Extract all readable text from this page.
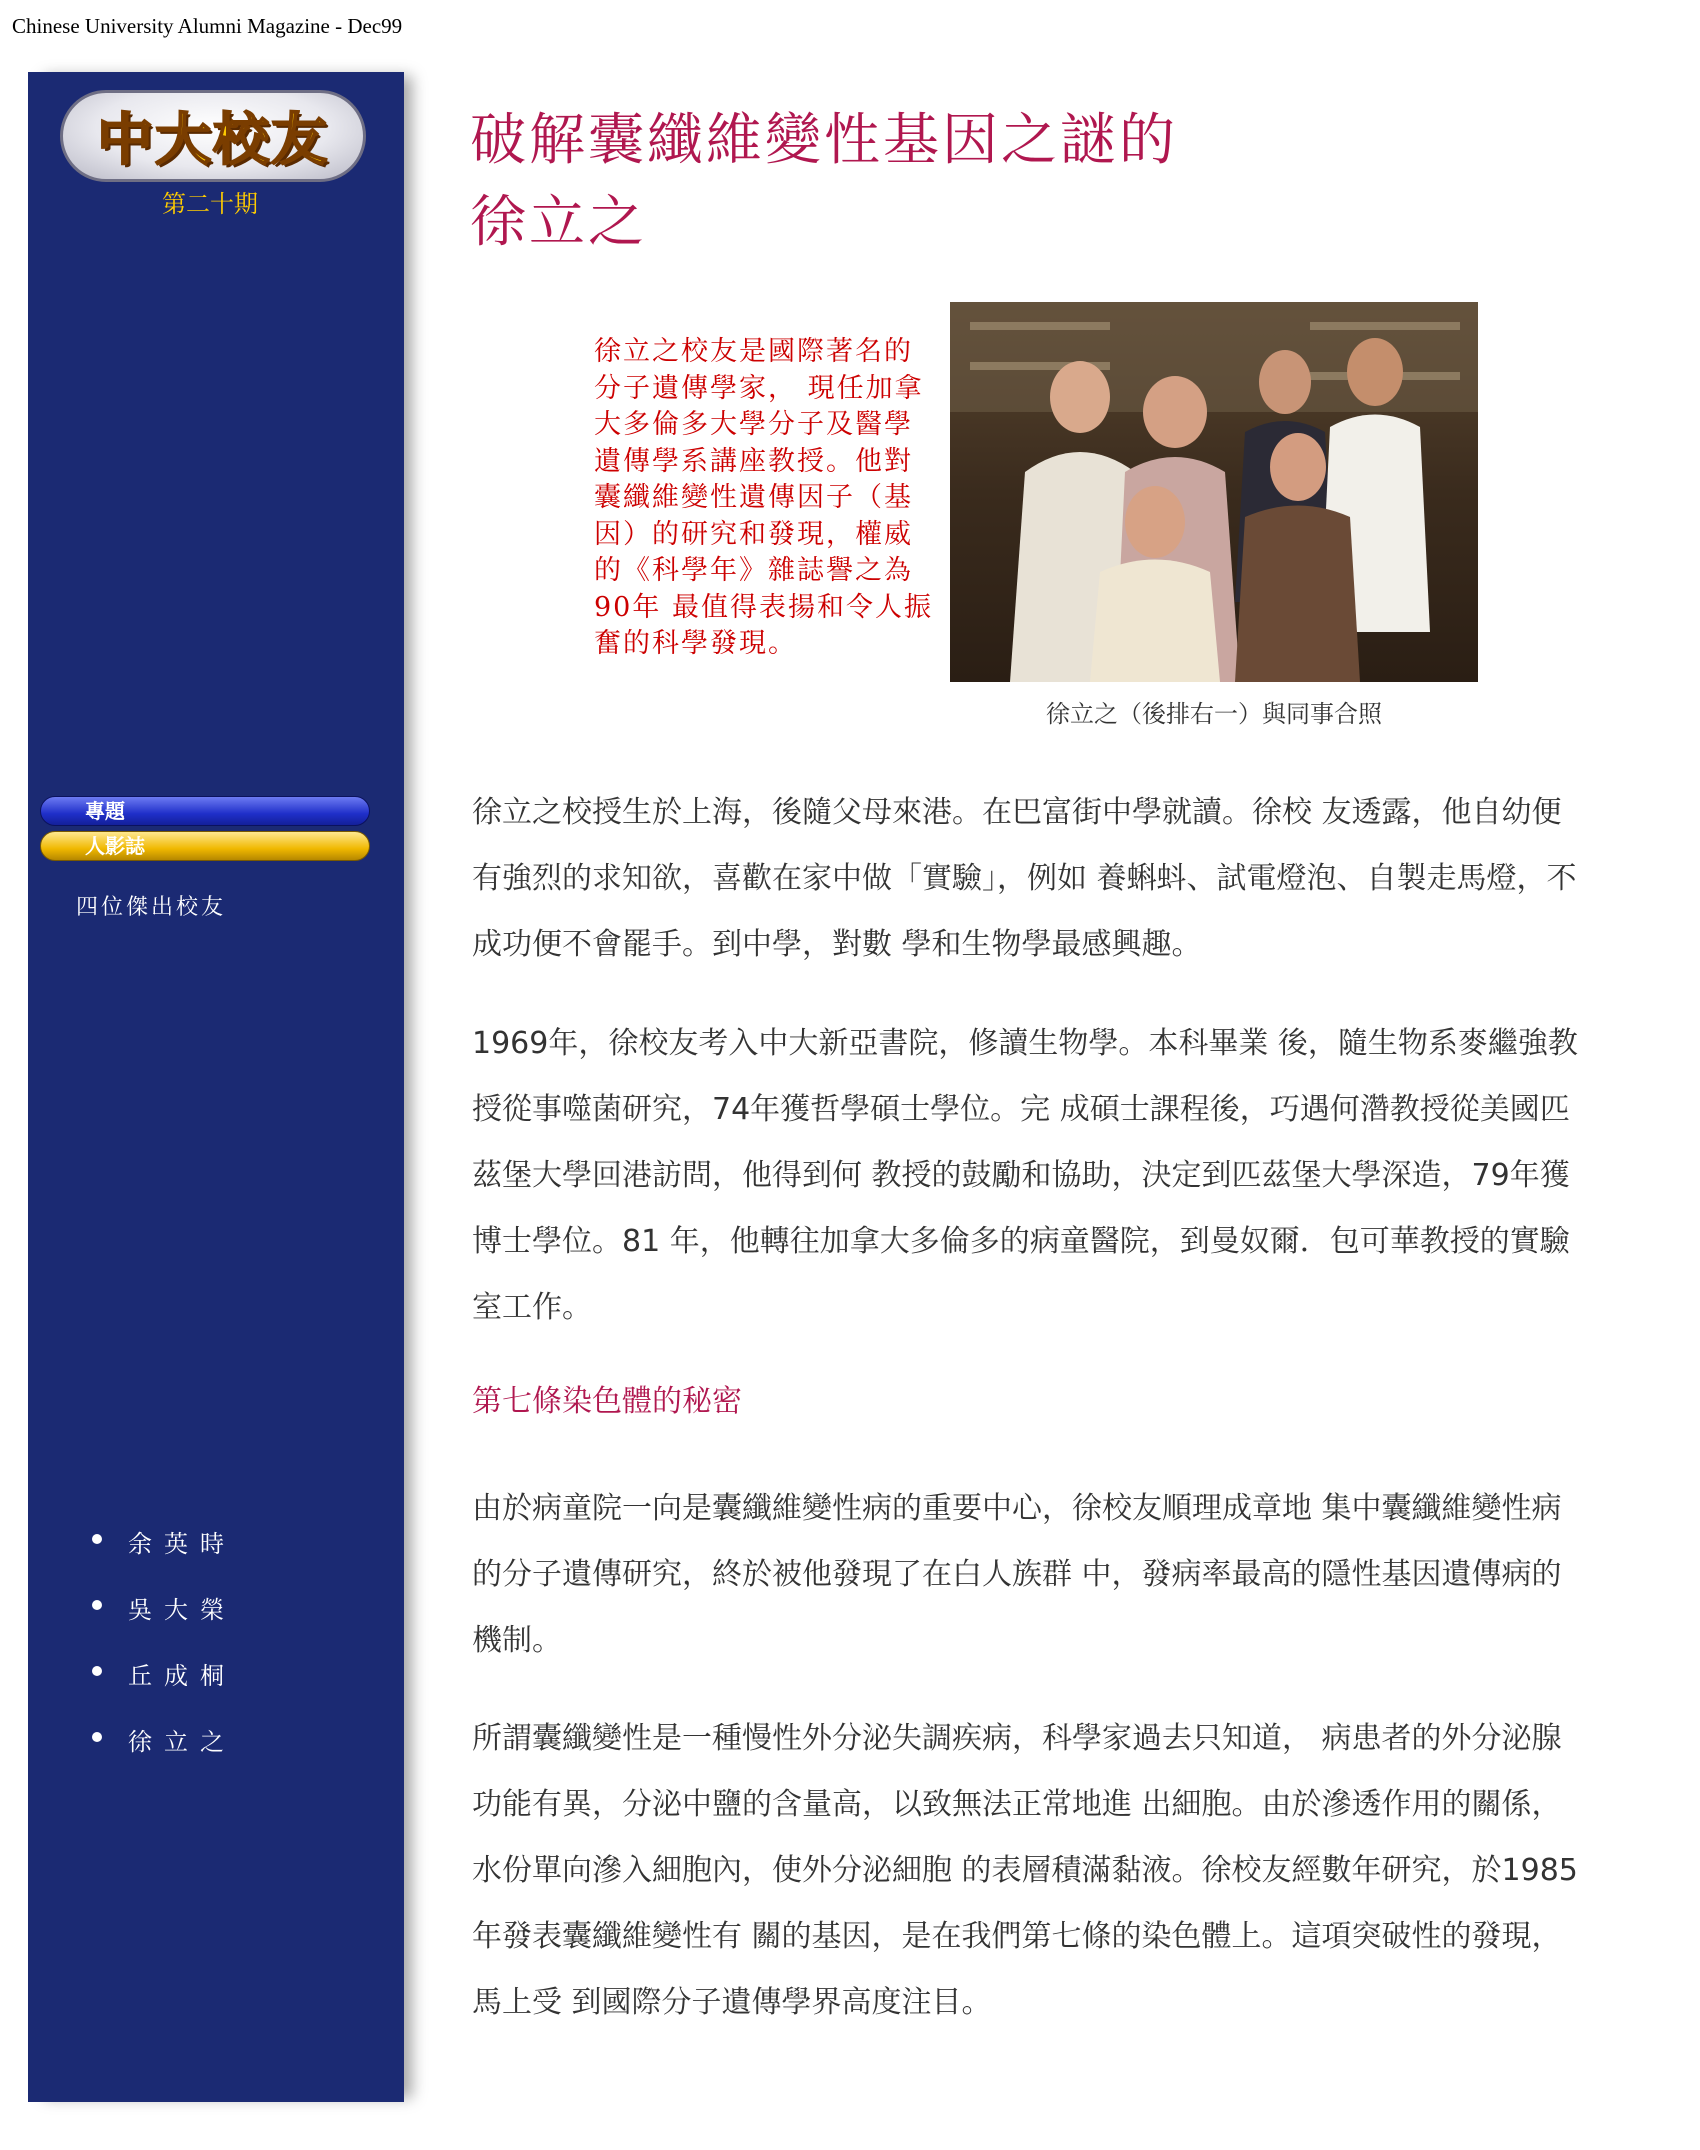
Chinese University Alumni Magazine - Dec99
中大校友
第二十期
專題
人影誌
四位傑出校友
余英時
吳大榮
丘成桐
徐立之
破解囊纖維變性基因之謎的
徐立之
徐立之校友是國際著名的分子遺傳學家， 現任加拿大多倫多大學分子及醫學遺傳學系講座教授。他對囊纖維變性遺傳因子（基因）的研究和發現，權威的《科學年》雜誌譽之為90年 最值得表揚和令人振奮的科學發現。
徐立之（後排右一）與同事合照

徐立之校授生於上海，後隨父母來港。在巴富街中學就讀。徐校 友透露，他自幼便有強烈的求知欲，喜歡在家中做「實驗」，例如 養蝌蚪、試電燈泡、自製走馬燈，不成功便不會罷手。到中學，對數 學和生物學最感興趣。

1969年，徐校友考入中大新亞書院，修讀生物學。本科畢業 後，隨生物系麥繼強教授從事噬菌研究，74年獲哲學碩士學位。完 成碩士課程後，巧遇何濳教授從美國匹茲堡大學回港訪問，他得到何 教授的鼓勵和協助，決定到匹茲堡大學深造，79年獲博士學位。81 年，他轉往加拿大多倫多的病童醫院，到曼奴爾．包可華教授的實驗室工作。

第七條染色體的秘密

由於病童院一向是囊纖維變性病的重要中心，徐校友順理成章地 集中囊纖維變性病的分子遺傳研究，終於被他發現了在白人族群 中，發病率最高的隱性基因遺傳病的機制。

所謂囊纖變性是一種慢性外分泌失調疾病，科學家過去只知道， 病患者的外分泌腺功能有異，分泌中鹽的含量高，以致無法正常地進 出細胞。由於滲透作用的關係，水份單向滲入細胞內，使外分泌細胞 的表層積滿黏液。徐校友經數年研究，於1985年發表囊纖維變性有 關的基因，是在我們第七條的染色體上。這項突破性的發現，馬上受 到國際分子遺傳學界高度注目。
